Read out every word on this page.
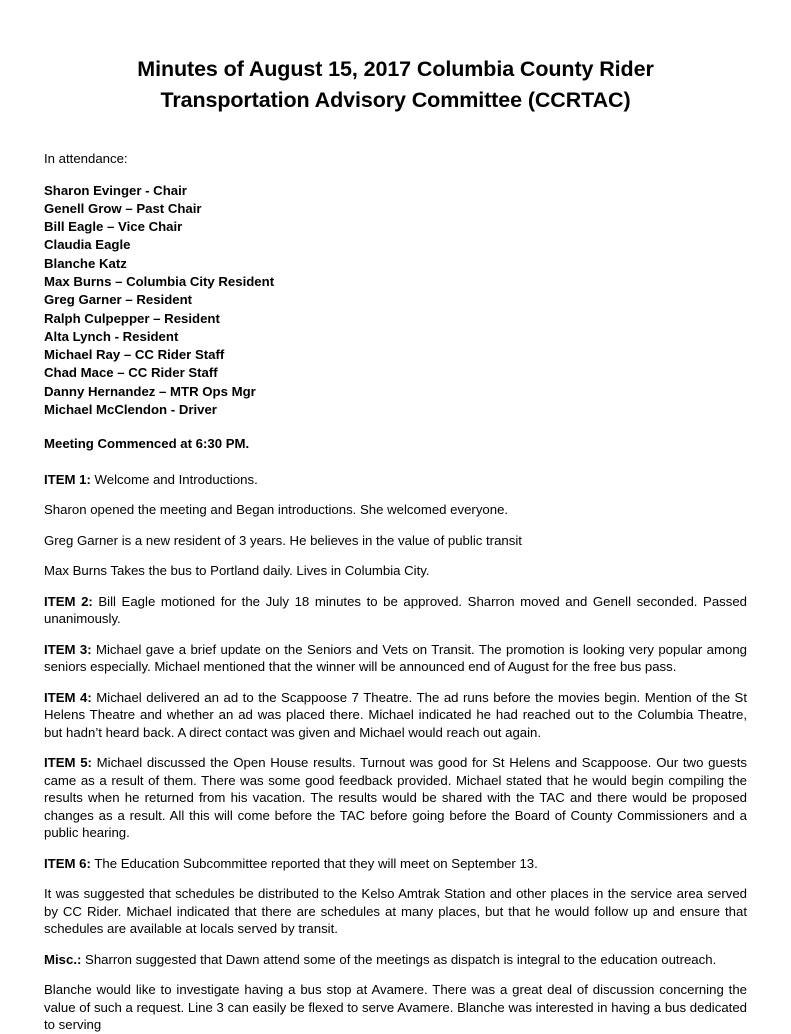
Minutes of August 15, 2017 Columbia County Rider
Transportation Advisory Committee (CCRTAC)
In attendance:
Sharon Evinger - Chair
Genell Grow – Past Chair
Bill Eagle – Vice Chair
Claudia Eagle
Blanche Katz
Max Burns – Columbia City Resident
Greg Garner – Resident
Ralph Culpepper – Resident
Alta Lynch - Resident
Michael Ray – CC Rider Staff
Chad Mace – CC Rider Staff
Danny Hernandez – MTR Ops Mgr
Michael McClendon - Driver
Meeting Commenced at 6:30 PM.

ITEM 1: Welcome and Introductions.

Sharon opened the meeting and Began introductions. She welcomed everyone.

Greg Garner is a new resident of 3 years. He believes in the value of public transit

Max Burns Takes the bus to Portland daily. Lives in Columbia City.

ITEM 2: Bill Eagle motioned for the July 18 minutes to be approved. Sharron moved and Genell seconded. Passed unanimously.

ITEM 3: Michael gave a brief update on the Seniors and Vets on Transit. The promotion is looking very popular among seniors especially. Michael mentioned that the winner will be announced end of August for the free bus pass.

ITEM 4: Michael delivered an ad to the Scappoose 7 Theatre. The ad runs before the movies begin. Mention of the St Helens Theatre and whether an ad was placed there. Michael indicated he had reached out to the Columbia Theatre, but hadn’t heard back. A direct contact was given and Michael would reach out again.

ITEM 5: Michael discussed the Open House results. Turnout was good for St Helens and Scappoose. Our two guests came as a result of them. There was some good feedback provided. Michael stated that he would begin compiling the results when he returned from his vacation. The results would be shared with the TAC and there would be proposed changes as a result. All this will come before the TAC before going before the Board of County Commissioners and a public hearing.

ITEM 6: The Education Subcommittee reported that they will meet on September 13.

It was suggested that schedules be distributed to the Kelso Amtrak Station and other places in the service area served by CC Rider. Michael indicated that there are schedules at many places, but that he would follow up and ensure that schedules are available at locals served by transit.

Misc.: Sharron suggested that Dawn attend some of the meetings as dispatch is integral to the education outreach.

Blanche would like to investigate having a bus stop at Avamere. There was a great deal of discussion concerning the value of such a request. Line 3 can easily be flexed to serve Avamere. Blanche was interested in having a bus dedicated to serving
